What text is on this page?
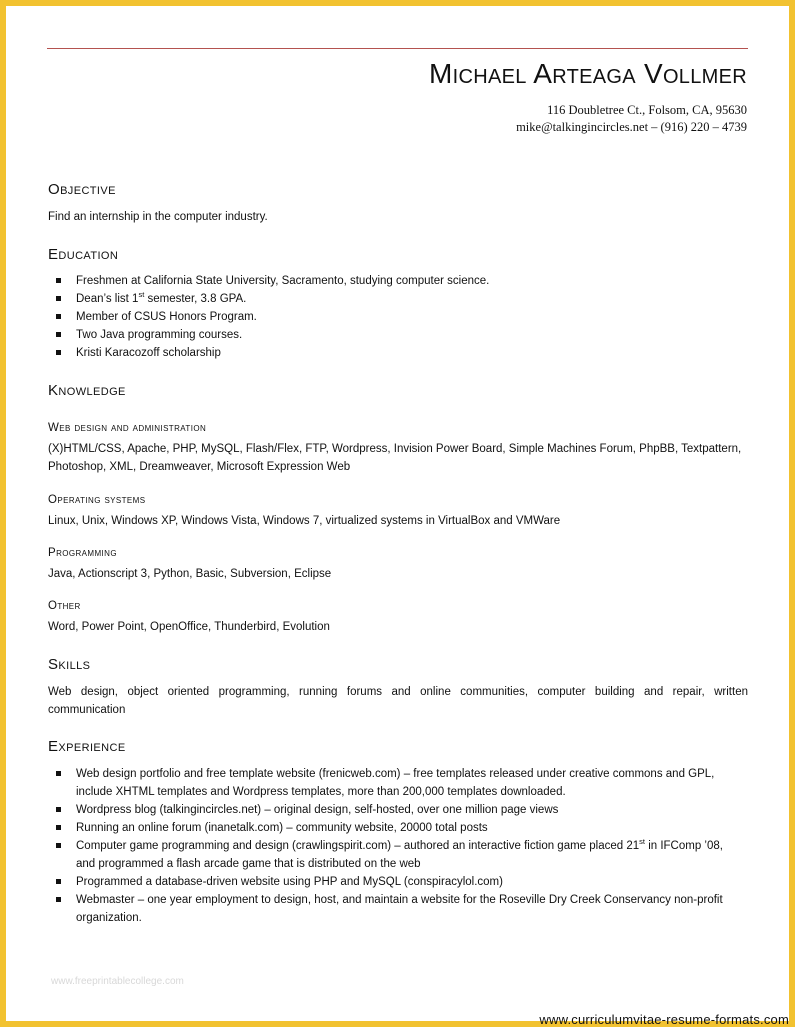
Michael Arteaga Vollmer
116 Doubletree Ct., Folsom, CA, 95630
mike@talkingincircles.net – (916) 220 – 4739
Objective
Find an internship in the computer industry.
Education
Freshmen at California State University, Sacramento, studying computer science.
Dean’s list 1st semester, 3.8 GPA.
Member of CSUS Honors Program.
Two Java programming courses.
Kristi Karacozoff scholarship
Knowledge
Web design and administration
(X)HTML/CSS, Apache, PHP, MySQL, Flash/Flex, FTP, Wordpress, Invision Power Board, Simple Machines Forum, PhpBB, Textpattern,
Photoshop, XML, Dreamweaver, Microsoft Expression Web
Operating systems
Linux, Unix, Windows XP, Windows Vista, Windows 7, virtualized systems in VirtualBox and VMWare
Programming
Java, Actionscript 3, Python, Basic, Subversion, Eclipse
Other
Word, Power Point, OpenOffice, Thunderbird, Evolution
Skills
Web design, object oriented programming, running forums and online communities, computer building and repair, written
communication
Experience
Web design portfolio and free template website (frenicweb.com) – free templates released under creative commons and GPL,
include XHTML templates and Wordpress templates, more than 200,000 templates downloaded.
Wordpress blog (talkingincircles.net) – original design, self-hosted, over one million page views
Running an online forum (inanetalk.com) – community website, 20000 total posts
Computer game programming and design (crawlingspirit.com) – authored an interactive fiction game placed 21st in IFComp ’08,
and programmed a flash arcade game that is distributed on the web
Programmed a database-driven website using PHP and MySQL (conspiracylol.com)
Webmaster – one year employment to design, host, and maintain a website for the Roseville Dry Creek Conservancy non-profit
organization.
www.freeprintablecollege.com
www.curriculumvitae-resume-formats.com
